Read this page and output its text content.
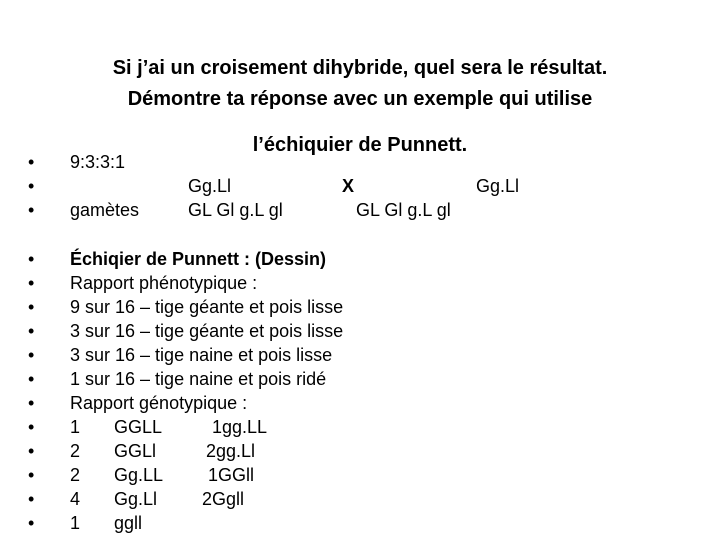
Si j’ai un croisement dihybride, quel sera le résultat.
Démontre ta réponse avec un exemple qui utilise
l’échiquier de Punnett.
• 9:3:3:1
•	Gg.Ll	X	Gg.Ll
• gamètes	GL Gl g.L gl	GL Gl g.L gl
• Échiqier de Punnett : (Dessin)
• Rapport phénotypique :
• 9 sur 16 – tige géante et pois lisse
• 3 sur 16 – tige géante et pois lisse
• 3 sur 16 – tige naine et pois lisse
• 1 sur 16 – tige naine et pois ridé
• Rapport génotypique :
• 1 GGLL	1gg.LL
• 2 GGLl	2gg.Ll
• 2 Gg.LL 1GGll
• 4 Gg.Ll 2Ggll
• 1 ggll
